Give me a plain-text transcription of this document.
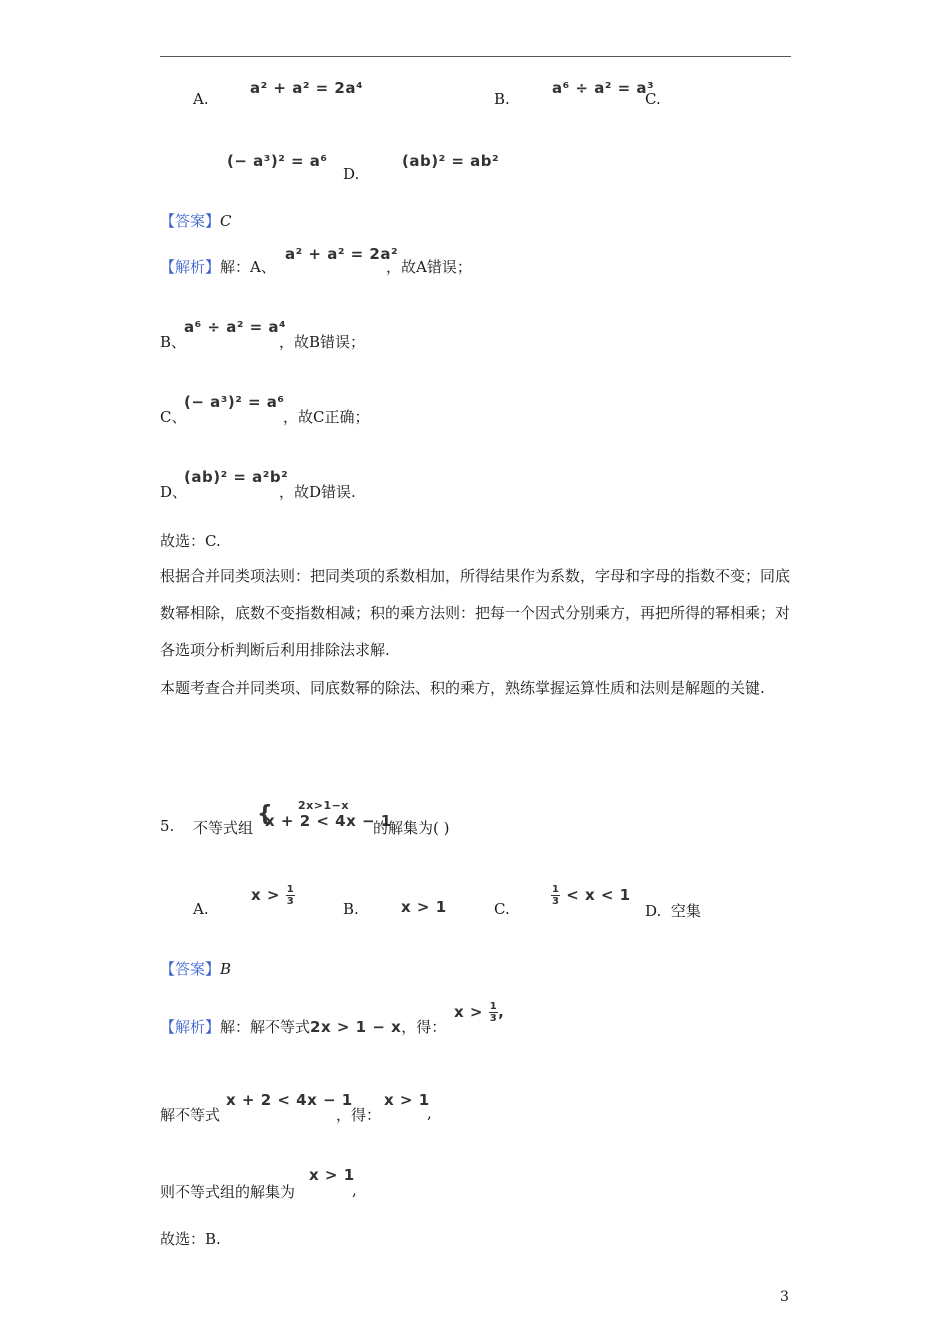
A.
a² + a² = 2a⁴
B.
a⁶ ÷ a² = a³
C.
(− a³)² = a⁶
D.
(ab)² = ab²
【答案】C
【解析】解：A、
a² + a² = 2a²
，故A错误；
B、
a⁶ ÷ a² = a⁴
，故B错误；
C、
(− a³)² = a⁶
，故C正确；
D、
(ab)² = a²b²
，故D错误.
故选：C.
根据合并同类项法则：把同类项的系数相加，所得结果作为系数，字母和字母的指数不变；同底数幂相除，底数不变指数相减；积的乘方法则：把每一个因式分别乘方，再把所得的幂相乘；对各选项分析判断后利用排除法求解.
本题考查合并同类项、同底数幂的除法、积的乘方，熟练掌握运算性质和法则是解题的关键.
5. 不等式组
{ 2x>1−x
x + 2 < 4x − 1
的解集为( )
A.
$x > \frac{1}{3}$
B.	x > 1	C.
$\frac{1}{3} < x < 1$
D. 空集
【答案】B
【解析】解：解不等式2x > 1 − x，得：
$x > \frac{1}{3}$ ,
解不等式
x + 2 < 4x − 1
，得：
x > 1
,
则不等式组的解集为
x > 1
,
故选：B.
3
